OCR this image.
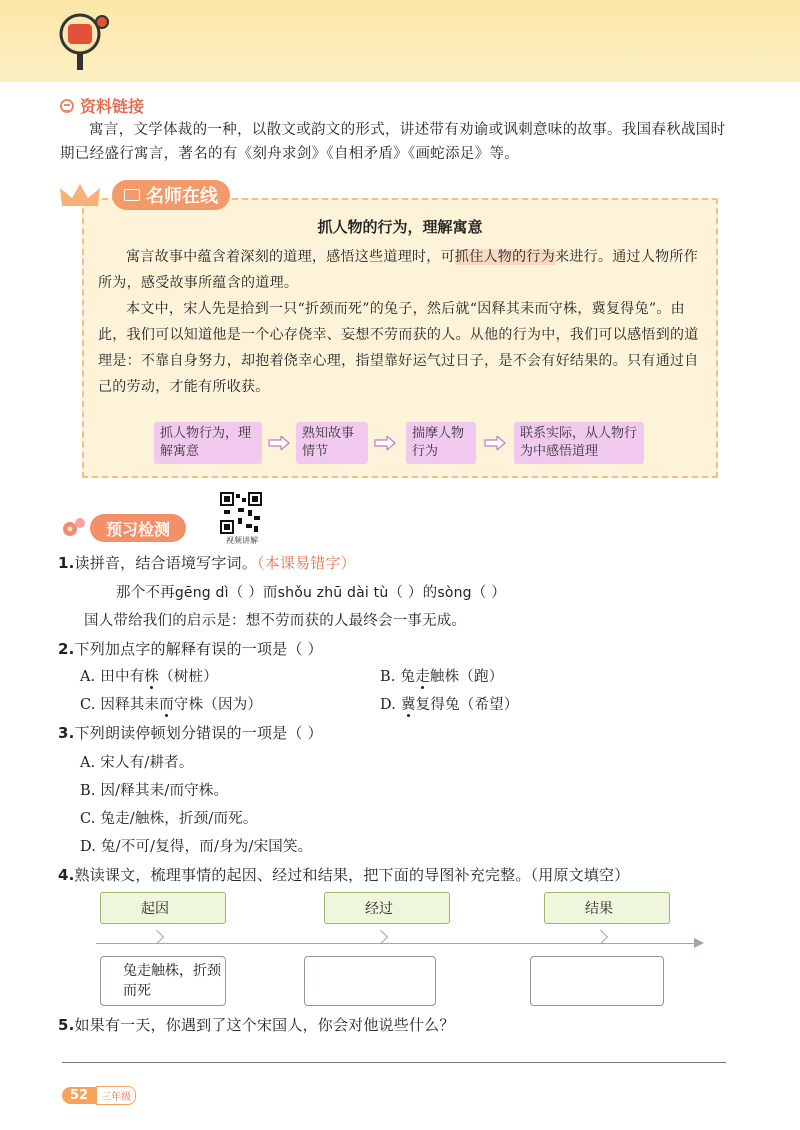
资料链接

寓言，文学体裁的一种，以散文或韵文的形式，讲述带有劝谕或讽刺意味的故事。我国春秋战国时期已经盛行寓言，著名的有《刻舟求剑》《自相矛盾》《画蛇添足》等。

抓人物的行为，理解寓意

寓言故事中蕴含着深刻的道理，感悟这些道理时，可抓住人物的行为来进行。通过人物所作所为，感受故事所蕴含的道理。

本文中，宋人先是拾到一只“折颈而死”的兔子，然后就“因释其耒而守株，冀复得兔”。由此，我们可以知道他是一个心存侥幸、妄想不劳而获的人。从他的行为中，我们可以感悟到的道理是：不靠自身努力，却抱着侥幸心理，指望靠好运气过日子，是不会有好结果的。只有通过自己的劳动，才能有所收获。

抓人物行为，理解寓意
熟知故事情节
揣摩人物行为
联系实际，从人物行为中感悟道理
名师在线
预习检测
视频讲解
1.读拼音，结合语境写字词。（本课易错字）
那个不再gēng dì（ ）而shǒu zhū dài tù（ ）的sòng（ ）
国人带给我们的启示是：想不劳而获的人最终会一事无成。
2.下列加点字的解释有误的一项是（ ）
A. 田中有株（树桩）	B. 兔走触株（跑）
C. 因释其耒而守株（因为）	D. 冀复得兔（希望）
3.下列朗读停顿划分错误的一项是（ ）
A. 宋人有/耕者。
B. 因/释其耒/而守株。
C. 兔走/触株，折颈/而死。
D. 兔/不可/复得，而/身为/宋国笑。
4.熟读课文，梳理事情的起因、经过和结果，把下面的导图补充完整。（用原文填空）
起因	经过	结果
兔走触株，折颈而死
5.如果有一天，你遇到了这个宋国人，你会对他说些什么？
52	三年级
